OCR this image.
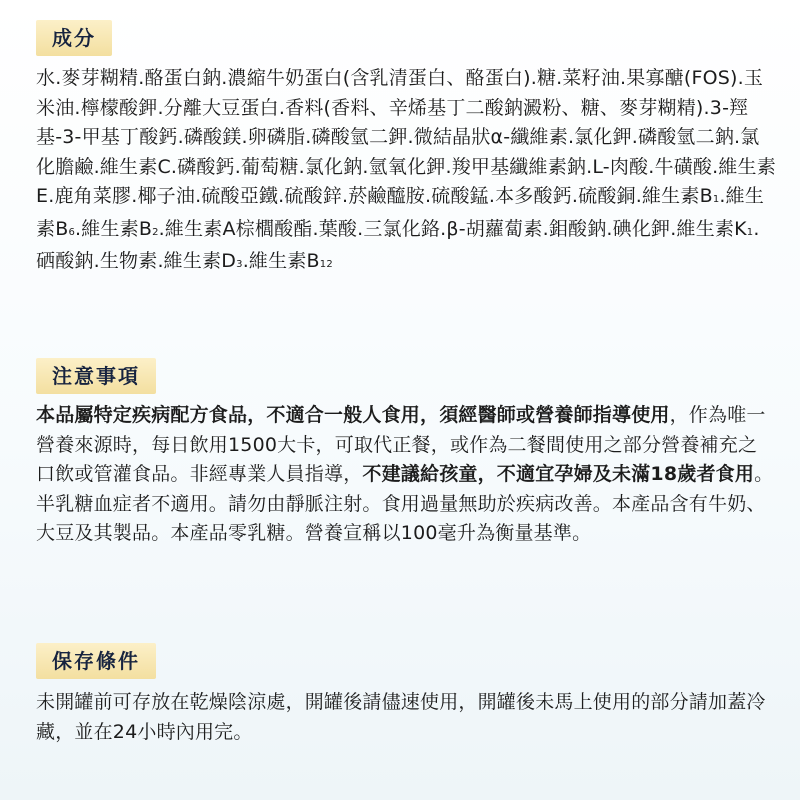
成分

水.麥芽糊精.酪蛋白鈉.濃縮牛奶蛋白(含乳清蛋白、酪蛋白).糖.菜籽油.果寡醣(FOS).玉米油.檸檬酸鉀.分離大豆蛋白.香料(香料、辛烯基丁二酸鈉澱粉、糖、麥芽糊精).3-羥基-3-甲基丁酸鈣.磷酸鎂.卵磷脂.磷酸氫二鉀.微結晶狀α-纖維素.氯化鉀.磷酸氫二鈉.氯化膽鹼.維生素C.磷酸鈣.葡萄糖.氯化鈉.氫氧化鉀.羧甲基纖維素鈉.L-肉酸.牛磺酸.維生素E.鹿角菜膠.椰子油.硫酸亞鐵.硫酸鋅.菸鹼醯胺.硫酸錳.本多酸鈣.硫酸銅.維生素B1.維生素B6.維生素B2.維生素A棕櫚酸酯.葉酸.三氯化鉻.β-胡蘿蔔素.鉬酸鈉.碘化鉀.維生素K1.硒酸鈉.生物素.維生素D3.維生素B12

注意事項

本品屬特定疾病配方食品，不適合一般人食用，須經醫師或營養師指導使用，作為唯一營養來源時，每日飲用1500大卡，可取代正餐，或作為二餐間使用之部分營養補充之口飲或管灌食品。非經專業人員指導，不建議給孩童，不適宜孕婦及未滿18歲者食用。半乳糖血症者不適用。請勿由靜脈注射。食用過量無助於疾病改善。本產品含有牛奶、大豆及其製品。本產品零乳糖。營養宣稱以100毫升為衡量基準。

保存條件

未開罐前可存放在乾燥陰涼處，開罐後請儘速使用，開罐後未馬上使用的部分請加蓋冷藏，並在24小時內用完。
